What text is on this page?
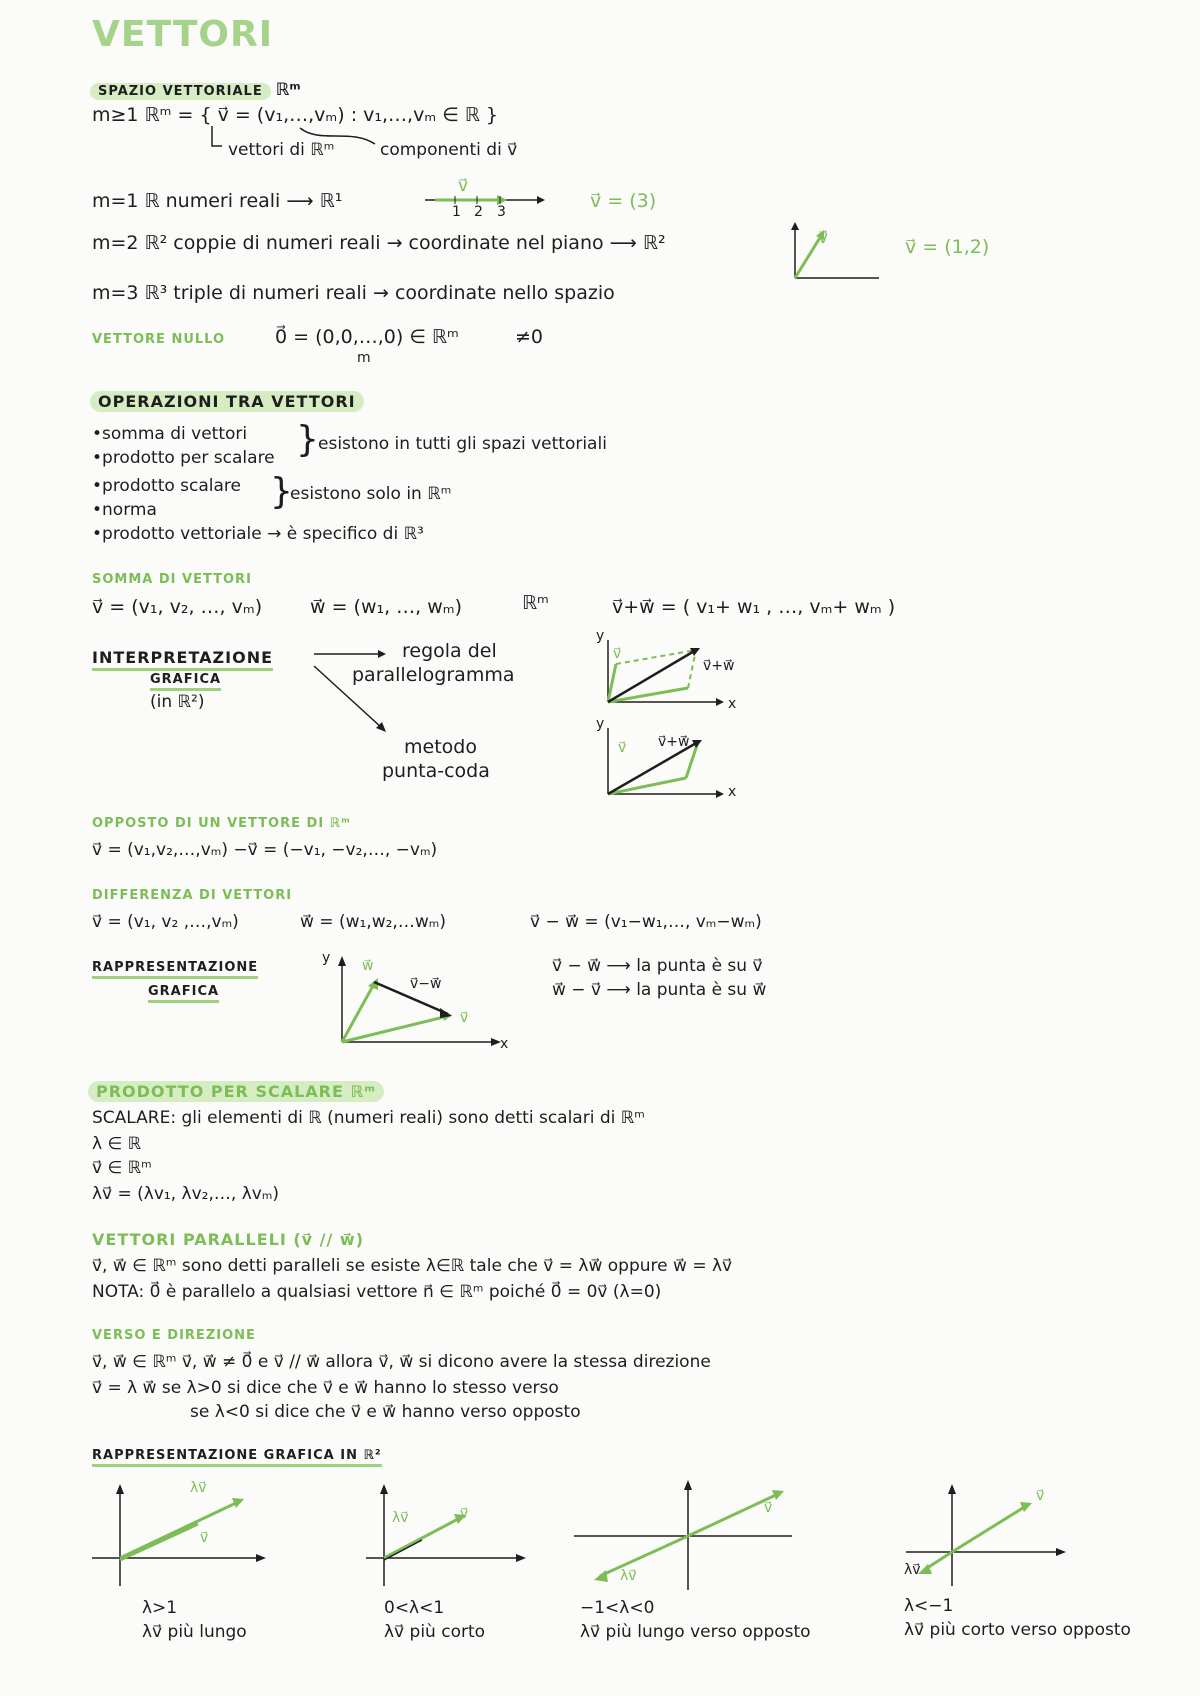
VETTORI
SPAZIO VETTORIALE ℝᵐ
m≥1 ℝᵐ = { v⃗ = (v₁,…,vₘ) : v₁,…,vₘ ∈ ℝ }
vettori di ℝᵐ	componenti di v⃗
m=1 ℝ numeri reali ⟶ ℝ¹	1 2 3
v⃗
v⃗ = (3)
m=2 ℝ² coppie di numeri reali → coordinate nel piano ⟶ ℝ²	v⃗	v⃗ = (1,2)
m=3 ℝ³ triple di numeri reali → coordinate nello spazio
VETTORE NULLO	0⃗ = (0,0,…,0) ∈ ℝᵐ
m
≠0
OPERAZIONI TRA VETTORI
•somma di vettori
•prodotto per scalare
•prodotto scalare
•norma
•prodotto vettoriale → è specifico di ℝ³
} esistono in tutti gli spazi vettoriali
}
esistono solo in ℝᵐ
SOMMA DI VETTORI
v⃗ = (v₁, v₂, …, vₘ)	w⃗ = (w₁, …, wₘ)	ℝᵐ	v⃗+w⃗ = ( v₁+ w₁ , …, vₘ+ wₘ )
INTERPRETAZIONE
GRAFICA
(in ℝ²)
regola del
parallelogramma
metodo
punta-coda
y
x
v⃗
v⃗+w⃗
y
x
v⃗ v⃗+w⃗
OPPOSTO DI UN VETTORE DI ℝᵐ
v⃗ = (v₁,v₂,…,vₘ) −v⃗ = (−v₁, −v₂,…, −vₘ)
DIFFERENZA DI VETTORI
v⃗ = (v₁, v₂ ,…,vₘ)	w⃗ = (w₁,w₂,…wₘ)	v⃗ − w⃗ = (v₁−w₁,…, vₘ−wₘ)
RAPPRESENTAZIONE
GRAFICA
y
x
w⃗
v⃗−w⃗
v⃗
v⃗ − w⃗ ⟶ la punta è su v⃗
w⃗ − v⃗ ⟶ la punta è su w⃗
PRODOTTO PER SCALARE ℝᵐ
SCALARE: gli elementi di ℝ (numeri reali) sono detti scalari di ℝᵐ
λ ∈ ℝ
v⃗ ∈ ℝᵐ
λv⃗ = (λv₁, λv₂,…, λvₘ)
VETTORI PARALLELI (v⃗ // w⃗)
v⃗, w⃗ ∈ ℝᵐ sono detti paralleli se esiste λ∈ℝ tale che v⃗ = λw⃗ oppure w⃗ = λv⃗
NOTA: 0⃗ è parallelo a qualsiasi vettore n⃗ ∈ ℝᵐ poiché 0⃗ = 0v⃗ (λ=0)
VERSO E DIREZIONE
v⃗, w⃗ ∈ ℝᵐ v⃗, w⃗ ≠ 0⃗ e v⃗ // w⃗ allora v⃗, w⃗ si dicono avere la stessa direzione
v⃗ = λ w⃗ se λ>0 si dice che v⃗ e w⃗ hanno lo stesso verso
se λ<0 si dice che v⃗ e w⃗ hanno verso opposto
RAPPRESENTAZIONE GRAFICA IN ℝ²
λv⃗
v⃗
λ>1
λv⃗ più lungo
λv⃗	v⃗
0<λ<1
λv⃗ più corto
v⃗
λv⃗
−1<λ<0
λv⃗ più lungo verso opposto
v⃗
λv⃗
λ<−1
λv⃗ più corto verso opposto
